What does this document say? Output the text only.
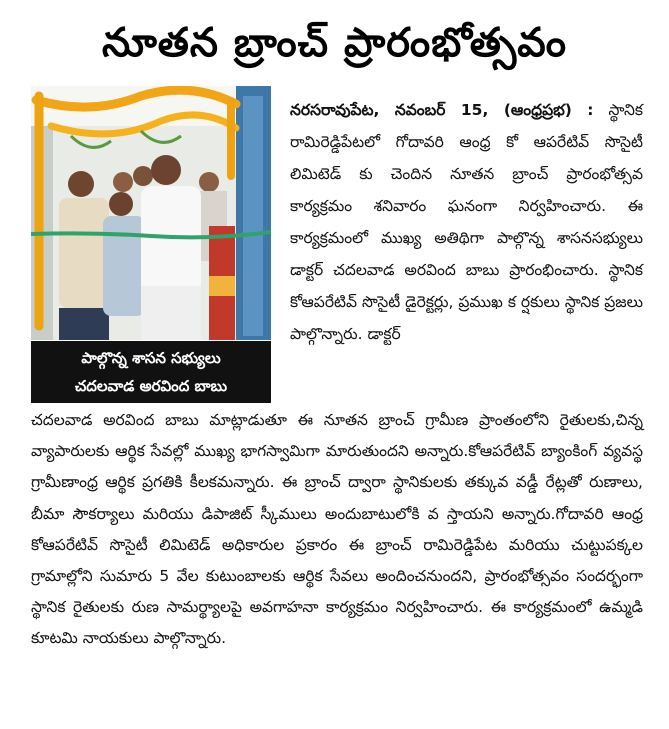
నూతన బ్రాంచ్ ప్రారంభోత్సవం
పాల్గొన్న శాసన సభ్యులు
చదలవాడ అరవింద బాబు

నరసరావుపేట, నవంబర్ 15, (ఆంధ్రప్రభ) : స్థానిక రామిరెడ్డిపేటలో గోదావరి ఆంధ్ర కో ఆపరేటివ్ సొసైటీ లిమిటెడ్ కు చెందిన నూతన బ్రాంచ్ ప్రారంభోత్సవ కార్యక్రమం శనివారం ఘనంగా నిర్వహించారు. ఈ కార్యక్రమంలో ముఖ్య అతిథిగా పాల్గొన్న శాసనసభ్యులు డాక్టర్ చదలవాడ అరవింద బాబు ప్రారంభించారు. స్థానిక కోఆపరేటివ్ సొసైటీ డైరెక్టర్లు, ప్రముఖ క ర్షకులు స్థానిక ప్రజలు పాల్గొన్నారు. డాక్టర్

చదలవాడ అరవింద బాబు మాట్లాడుతూ ఈ నూతన బ్రాంచ్ గ్రామీణ ప్రాంతంలోని రైతులకు,చిన్న వ్యాపారులకు ఆర్థిక సేవల్లో ముఖ్య భాగస్వామిగా మారుతుందని అన్నారు.కోఆపరేటివ్ బ్యాంకింగ్ వ్యవస్థ గ్రామీణాంధ్ర ఆర్థిక ప్రగతికి కీలకమన్నారు. ఈ బ్రాంచ్ ద్వారా స్థానికులకు తక్కువ వడ్డీ రేట్లతో రుణాలు, బీమా సౌకర్యాలు మరియు డిపాజిట్ స్కీములు అందుబాటులోకి వ స్తాయని అన్నారు.గోదావరి ఆంధ్ర కోఆపరేటివ్ సొసైటీ లిమిటెడ్ అధికారుల ప్రకారం ఈ బ్రాంచ్ రామిరెడ్డిపేట మరియు చుట్టుపక్కల గ్రామాల్లోని సుమారు 5 వేల కుటుంబాలకు ఆర్థిక సేవలు అందించనుందని, ప్రారంభోత్సవం సందర్భంగా స్థానిక రైతులకు రుణ సామర్థ్యాలపై అవగాహనా కార్యక్రమం నిర్వహించారు. ఈ కార్యక్రమంలో ఉమ్మడి కూటమి నాయకులు పాల్గొన్నారు.
